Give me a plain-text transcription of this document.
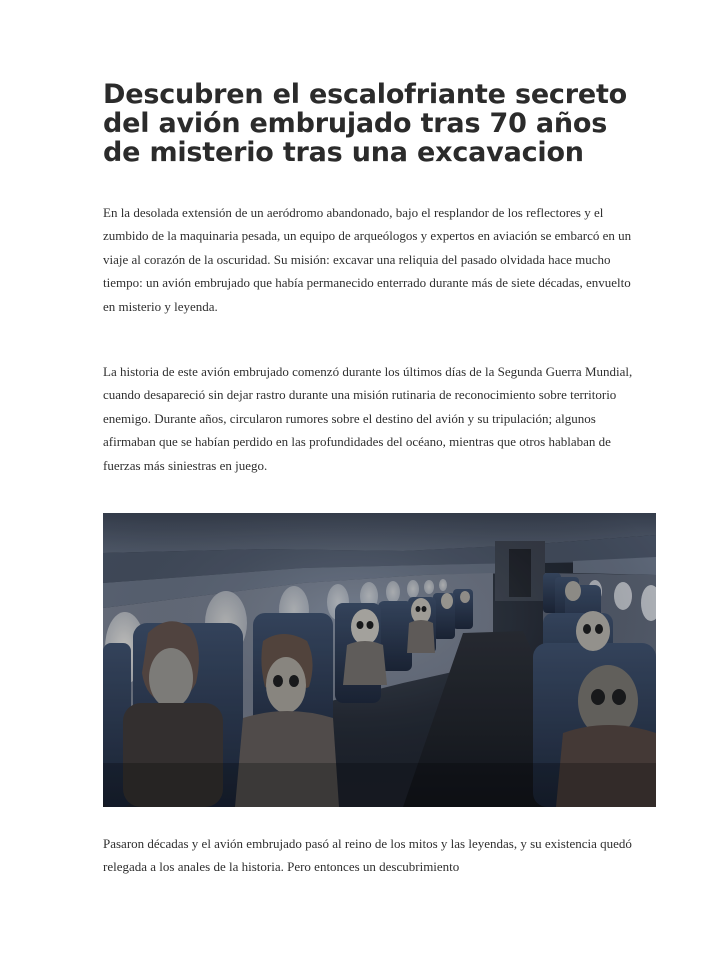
Descubren el escalofriante secreto del avión embrujado tras 70 años de misterio tras una excavacion

En la desolada extensión de un aeródromo abandonado, bajo el resplandor de los reflectores y el zumbido de la maquinaria pesada, un equipo de arqueólogos y expertos en aviación se embarcó en un viaje al corazón de la oscuridad. Su misión: excavar una reliquia del pasado olvidada hace mucho tiempo: un avión embrujado que había permanecido enterrado durante más de siete décadas, envuelto en misterio y leyenda.

La historia de este avión embrujado comenzó durante los últimos días de la Segunda Guerra Mundial, cuando desapareció sin dejar rastro durante una misión rutinaria de reconocimiento sobre territorio enemigo. Durante años, circularon rumores sobre el destino del avión y su tripulación; algunos afirmaban que se habían perdido en las profundidades del océano, mientras que otros hablaban de fuerzas más siniestras en juego.

Pasaron décadas y el avión embrujado pasó al reino de los mitos y las leyendas, y su existencia quedó relegada a los anales de la historia. Pero entonces un descubrimiento
